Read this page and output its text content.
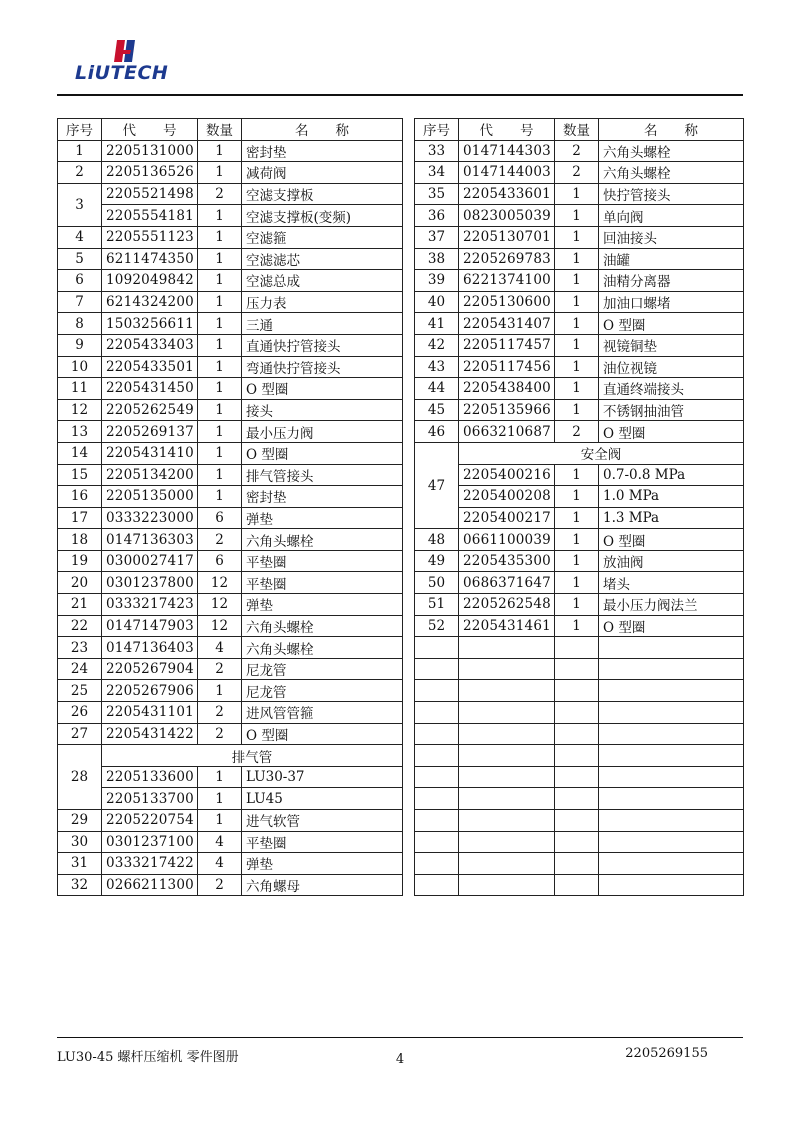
LiUTECH
序号	代　　号	数量	名　　称
1	2205131000	1	密封垫
2	2205136526	1	减荷阀
3	2205521498	2	空滤支撑板
	2205554181	1	空滤支撑板(变频)
4	2205551123	1	空滤箍
5	6211474350	1	空滤滤芯
6	1092049842	1	空滤总成
7	6214324200	1	压力表
8	1503256611	1	三通
9	2205433403	1	直通快拧管接头
10	2205433501	1	弯通快拧管接头
11	2205431450	1	O 型圈
12	2205262549	1	接头
13	2205269137	1	最小压力阀
14	2205431410	1	O 型圈
15	2205134200	1	排气管接头
16	2205135000	1	密封垫
17	0333223000	6	弹垫
18	0147136303	2	六角头螺栓
19	0300027417	6	平垫圈
20	0301237800	12	平垫圈
21	0333217423	12	弹垫
22	0147147903	12	六角头螺栓
23	0147136403	4	六角头螺栓
24	2205267904	2	尼龙管
25	2205267906	1	尼龙管
26	2205431101	2	进风管管箍
27	2205431422	2	O 型圈
28	排气管		
	2205133600	1	LU30-37
	2205133700	1	LU45
29	2205220754	1	进气软管
30	0301237100	4	平垫圈
31	0333217422	4	弹垫
32	0266211300	2	六角螺母
序号	代　　号	数量	名　　称
33	0147144303	2	六角头螺栓
34	0147144003	2	六角头螺栓
35	2205433601	1	快拧管接头
36	0823005039	1	单向阀
37	2205130701	1	回油接头
38	2205269783	1	油罐
39	6221374100	1	油精分离器
40	2205130600	1	加油口螺堵
41	2205431407	1	O 型圈
42	2205117457	1	视镜铜垫
43	2205117456	1	油位视镜
44	2205438400	1	直通终端接头
45	2205135966	1	不锈钢抽油管
46	0663210687	2	O 型圈
47	安全阀		
	2205400216	1	0.7-0.8 MPa
	2205400208	1	1.0 MPa
	2205400217	1	1.3 MPa
48	0661100039	1	O 型圈
49	2205435300	1	放油阀
50	0686371647	1	堵头
51	2205262548	1	最小压力阀法兰
52	2205431461	1	O 型圈

LU30-45 螺杆压缩机 零件图册	4	2205269155
